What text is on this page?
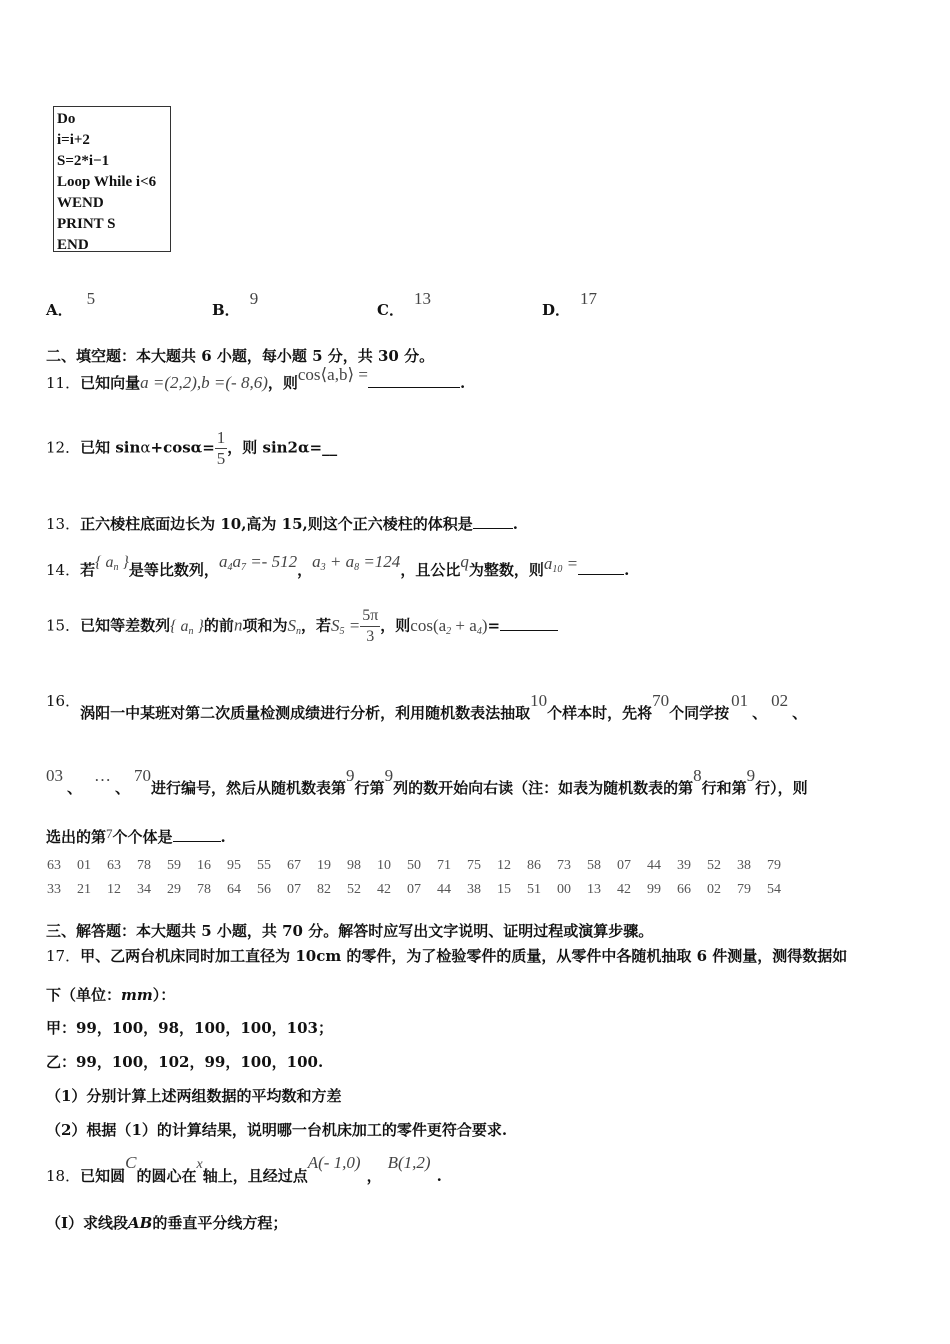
Do
i=i+2
S=2*i−1
Loop While i<6
WEND
PRINT S
END
A．5
B．9
C．13
D．17
二、填空题：本大题共 6 小题，每小题 5 分，共 30 分。
11．已知向量a =(2,2),b =(- 8,6)，则cos⟨a,b⟩ =	.
12．已知 $\sin\alpha+\cos\alpha= \frac{1}{5}$ ，则 sin2α=__
13．正六棱柱底面边长为 10,高为 15,则这个正六棱柱的体积是	.
14．若{ $a_n$ }是等比数列，$a_4a_7 =- 512$，$a_3 + a_8 =124$，且公比q为整数，则$a_{10}$ =	.
15．已知等差数列{ $a_n$ }的前n项和为$S_n$，若$S_5 = \frac{5\pi}{3}$ ，则$\cos(a_2 + a_4)=$
16．涡阳一中某班对第二次质量检测成绩进行分析，利用随机数表法抽取10个样本时，先将70个同学按01、02、
03、…、70进行编号，然后从随机数表第9行第9列的数开始向右读（注：如表为随机数表的第8行和第9行），则
选出的第7个个体是	.
63 01 63 78 59 16 95 55 67 19 98 10 50 71 75 12 86 73 58 07 44 39 52 38 79
33 21 12 34 29 78 64 56 07 82 52 42 07 44 38 15 51 00 13 42 99 66 02 79 54
三、解答题：本大题共 5 小题，共 70 分。解答时应写出文字说明、证明过程或演算步骤。
17．甲、乙两台机床同时加工直径为 10cm 的零件，为了检验零件的质量，从零件中各随机抽取 6 件测量，测得数据如
下（单位：mm）：
甲：99，100，98，100，100，103；
乙：99，100，102，99，100，100.
（1）分别计算上述两组数据的平均数和方差
（2）根据（1）的计算结果，说明哪一台机床加工的零件更符合要求.
18．已知圆C的圆心在x轴上，且经过点A(- 1,0)，B(1,2).
（Ⅰ）求线段AB的垂直平分线方程；
